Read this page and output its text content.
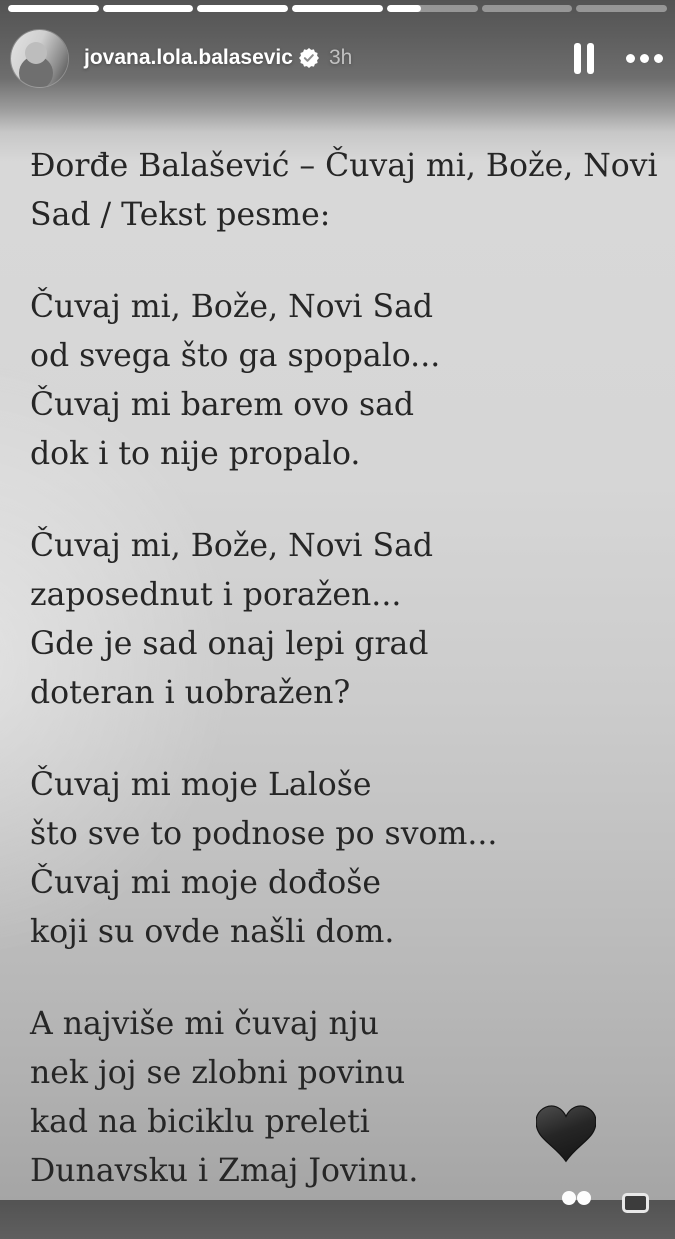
jovana.lola.balasevic 3h
Đorđe Balašević – Čuvaj mi, Bože, Novi
Sad / Tekst pesme:
Čuvaj mi, Bože, Novi Sad
od svega što ga spopalo...
Čuvaj mi barem ovo sad
dok i to nije propalo.
Čuvaj mi, Bože, Novi Sad
zaposednut i poražen...
Gde je sad onaj lepi grad
doteran i uobražen?
Čuvaj mi moje Laloše
što sve to podnose po svom...
Čuvaj mi moje dođoše
koji su ovde našli dom.
A najviše mi čuvaj nju
nek joj se zlobni povinu
kad na biciklu preleti
Dunavsku i Zmaj Jovinu.
